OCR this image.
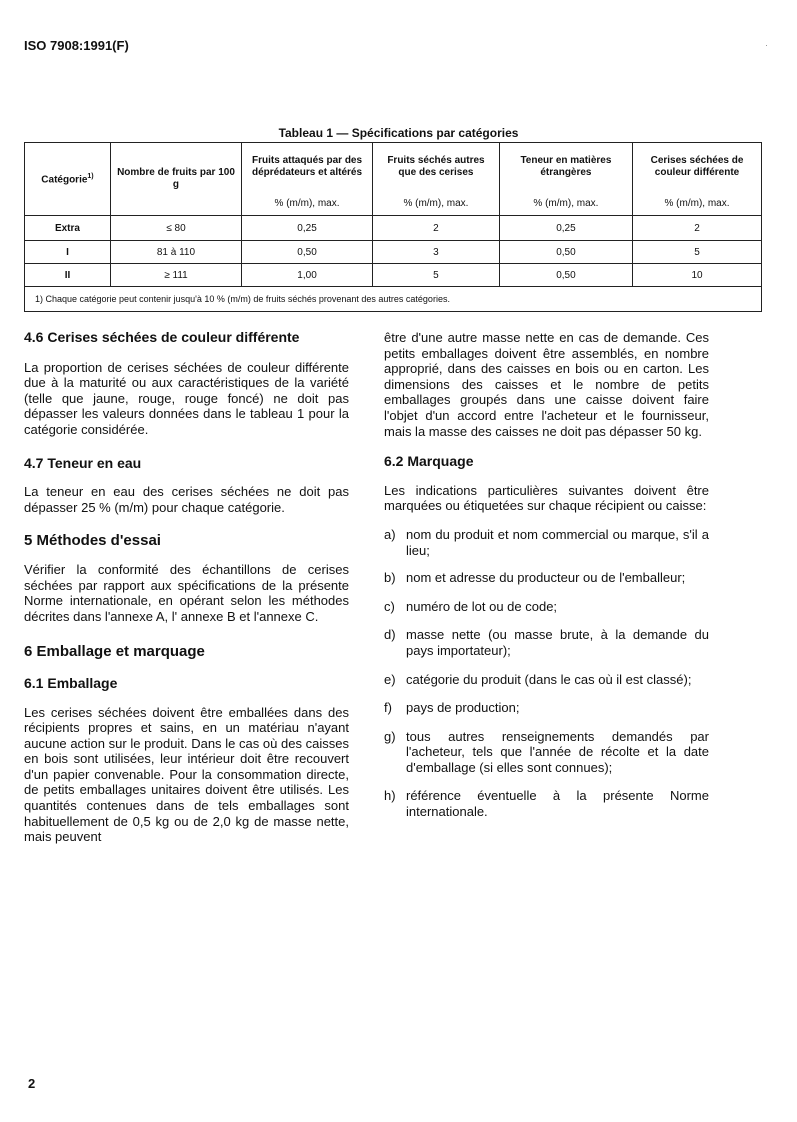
ISO 7908:1991(F)	·
Tableau 1 — Spécifications par catégories
Catégorie$^{1)}$	Nombre de fruits par 100 g	Fruits attaqués par des déprédateurs et altérés	Fruits séchés autres que des cerises	Teneur en matières étrangères	Cerises séchées de couleur différente
		% (m/m), max.	% (m/m), max.	% (m/m), max.	% (m/m), max.
Extra	≤ 80	0,25	2	0,25	2
I	81 à 110	0,50	3	0,50	5
II	≥ 111	1,00	5	0,50	10
1) Chaque catégorie peut contenir jusqu'à 10 % (m/m) de fruits séchés provenant des autres catégories.					
4.6 Cerises séchées de couleur différente

La proportion de cerises séchées de couleur différente due à la maturité ou aux caractéristiques de la variété (telle que jaune, rouge, rouge foncé) ne doit pas dépasser les valeurs données dans le tableau 1 pour la catégorie considérée.

4.7 Teneur en eau

La teneur en eau des cerises séchées ne doit pas dépasser 25 % (m/m) pour chaque catégorie.

5 Méthodes d'essai

Vérifier la conformité des échantillons de cerises séchées par rapport aux spécifications de la présente Norme internationale, en opérant selon les méthodes décrites dans l'annexe A, l' annexe B et l'annexe C.

6 Emballage et marquage
6.1 Emballage

Les cerises séchées doivent être emballées dans des récipients propres et sains, en un matériau n'ayant aucune action sur le produit. Dans le cas où des caisses en bois sont utilisées, leur intérieur doit être recouvert d'un papier convenable. Pour la consommation directe, de petits emballages unitaires doivent être utilisés. Les quantités contenues dans de tels emballages sont habituellement de 0,5 kg ou de 2,0 kg de masse nette, mais peuvent

être d'une autre masse nette en cas de demande. Ces petits emballages doivent être assemblés, en nombre approprié, dans des caisses en bois ou en carton. Les dimensions des caisses et le nombre de petits emballages groupés dans une caisse doivent faire l'objet d'un accord entre l'acheteur et le fournisseur, mais la masse des caisses ne doit pas dépasser 50 kg.

6.2 Marquage

Les indications particulières suivantes doivent être marquées ou étiquetées sur chaque récipient ou caisse:

a) nom du produit et nom commercial ou marque, s'il a lieu;
b) nom et adresse du producteur ou de l'emballeur;
c) numéro de lot ou de code;
d) masse nette (ou masse brute, à la demande du pays importateur);
e) catégorie du produit (dans le cas où il est classé);
f)	pays de production;
g) tous autres renseignements demandés par l'acheteur, tels que l'année de récolte et la date d'emballage (si elles sont connues);
h) référence éventuelle à la présente Norme internationale.
2
